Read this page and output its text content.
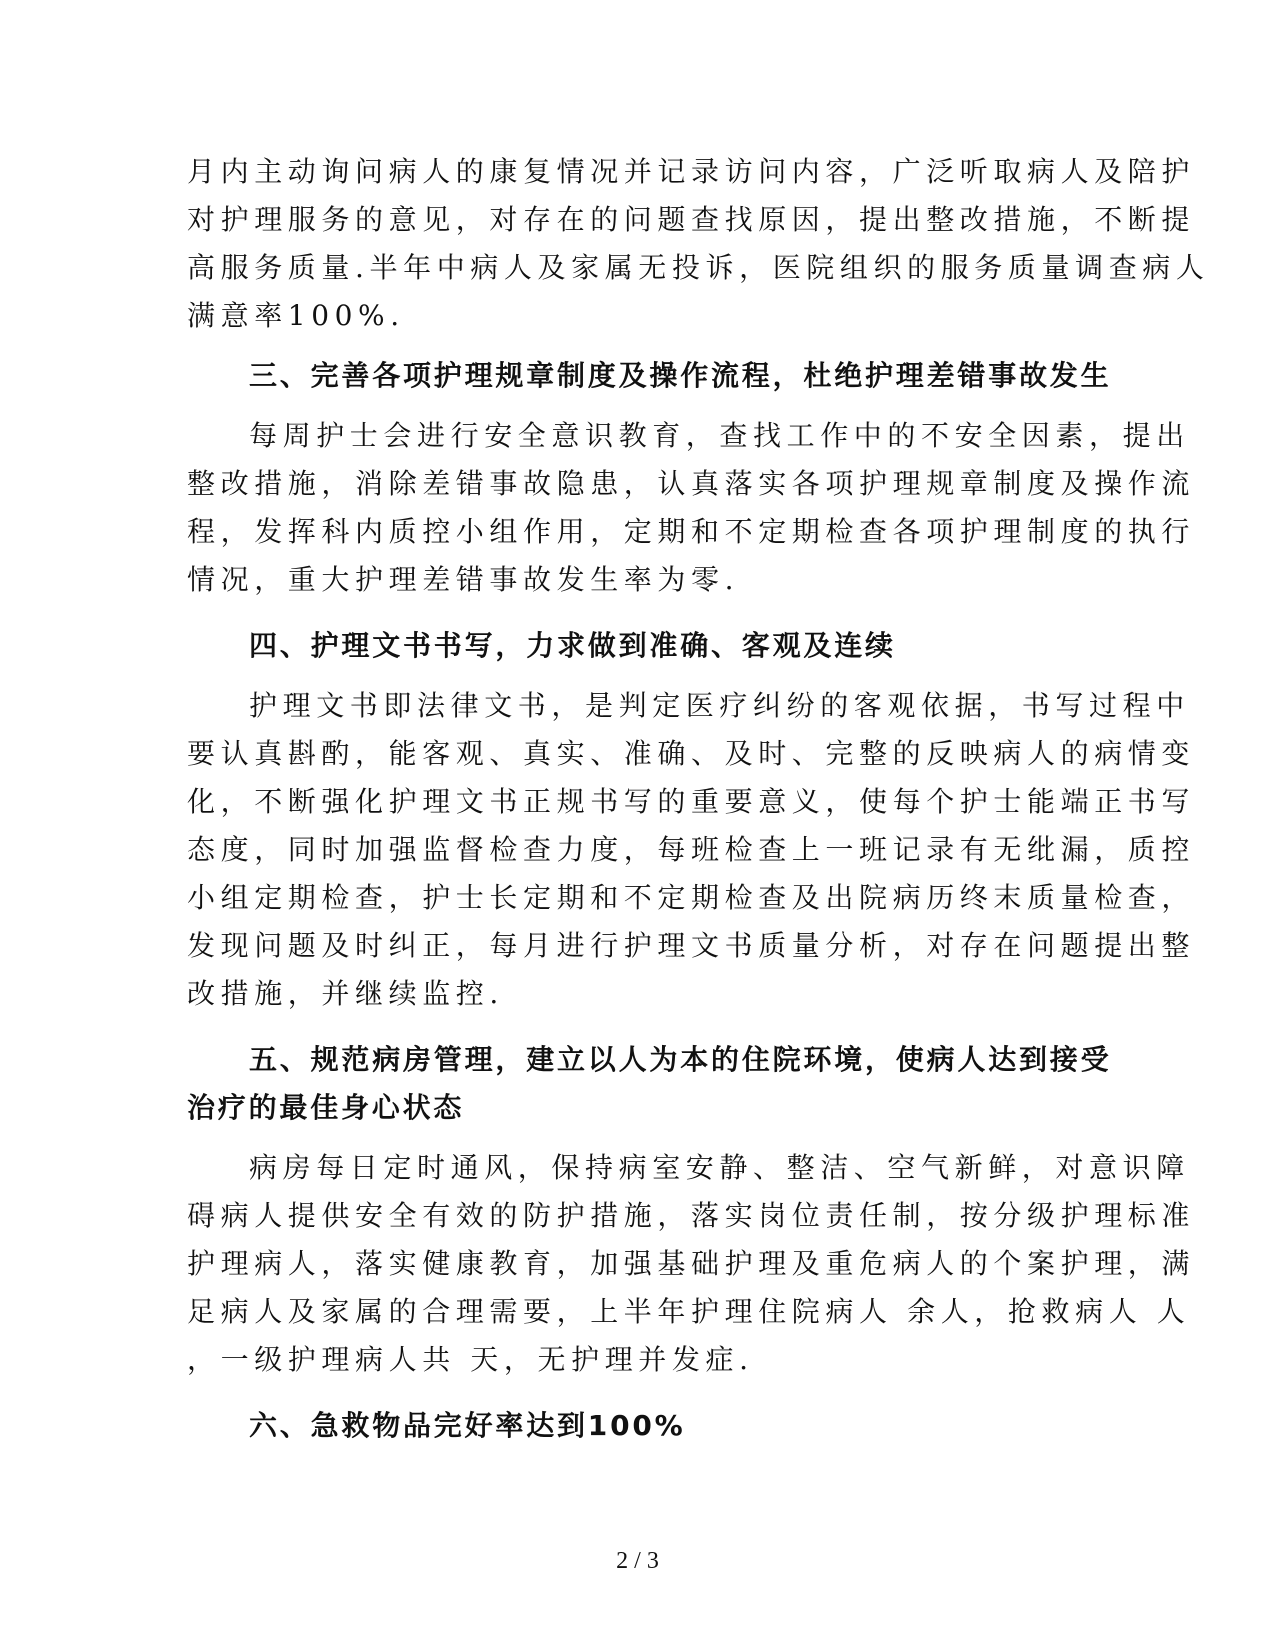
月内主动询问病人的康复情况并记录访问内容，广泛听取病人及陪护
对护理服务的意见，对存在的问题查找原因，提出整改措施，不断提
高服务质量.半年中病人及家属无投诉，医院组织的服务质量调查病人
满意率100%.
三、完善各项护理规章制度及操作流程，杜绝护理差错事故发生
每周护士会进行安全意识教育，查找工作中的不安全因素，提出
整改措施，消除差错事故隐患，认真落实各项护理规章制度及操作流
程，发挥科内质控小组作用，定期和不定期检查各项护理制度的执行
情况，重大护理差错事故发生率为零.
四、护理文书书写，力求做到准确、客观及连续
护理文书即法律文书，是判定医疗纠纷的客观依据，书写过程中
要认真斟酌，能客观、真实、准确、及时、完整的反映病人的病情变
化，不断强化护理文书正规书写的重要意义，使每个护士能端正书写
态度，同时加强监督检查力度，每班检查上一班记录有无纰漏，质控
小组定期检查，护士长定期和不定期检查及出院病历终末质量检查，
发现问题及时纠正，每月进行护理文书质量分析，对存在问题提出整
改措施，并继续监控.
五、规范病房管理，建立以人为本的住院环境，使病人达到接受
治疗的最佳身心状态
病房每日定时通风，保持病室安静、整洁、空气新鲜，对意识障
碍病人提供安全有效的防护措施，落实岗位责任制，按分级护理标准
护理病人，落实健康教育，加强基础护理及重危病人的个案护理，满
足病人及家属的合理需要，上半年护理住院病人 余人，抢救病人 人
，一级护理病人共 天，无护理并发症.
六、急救物品完好率达到100%
2 / 3
